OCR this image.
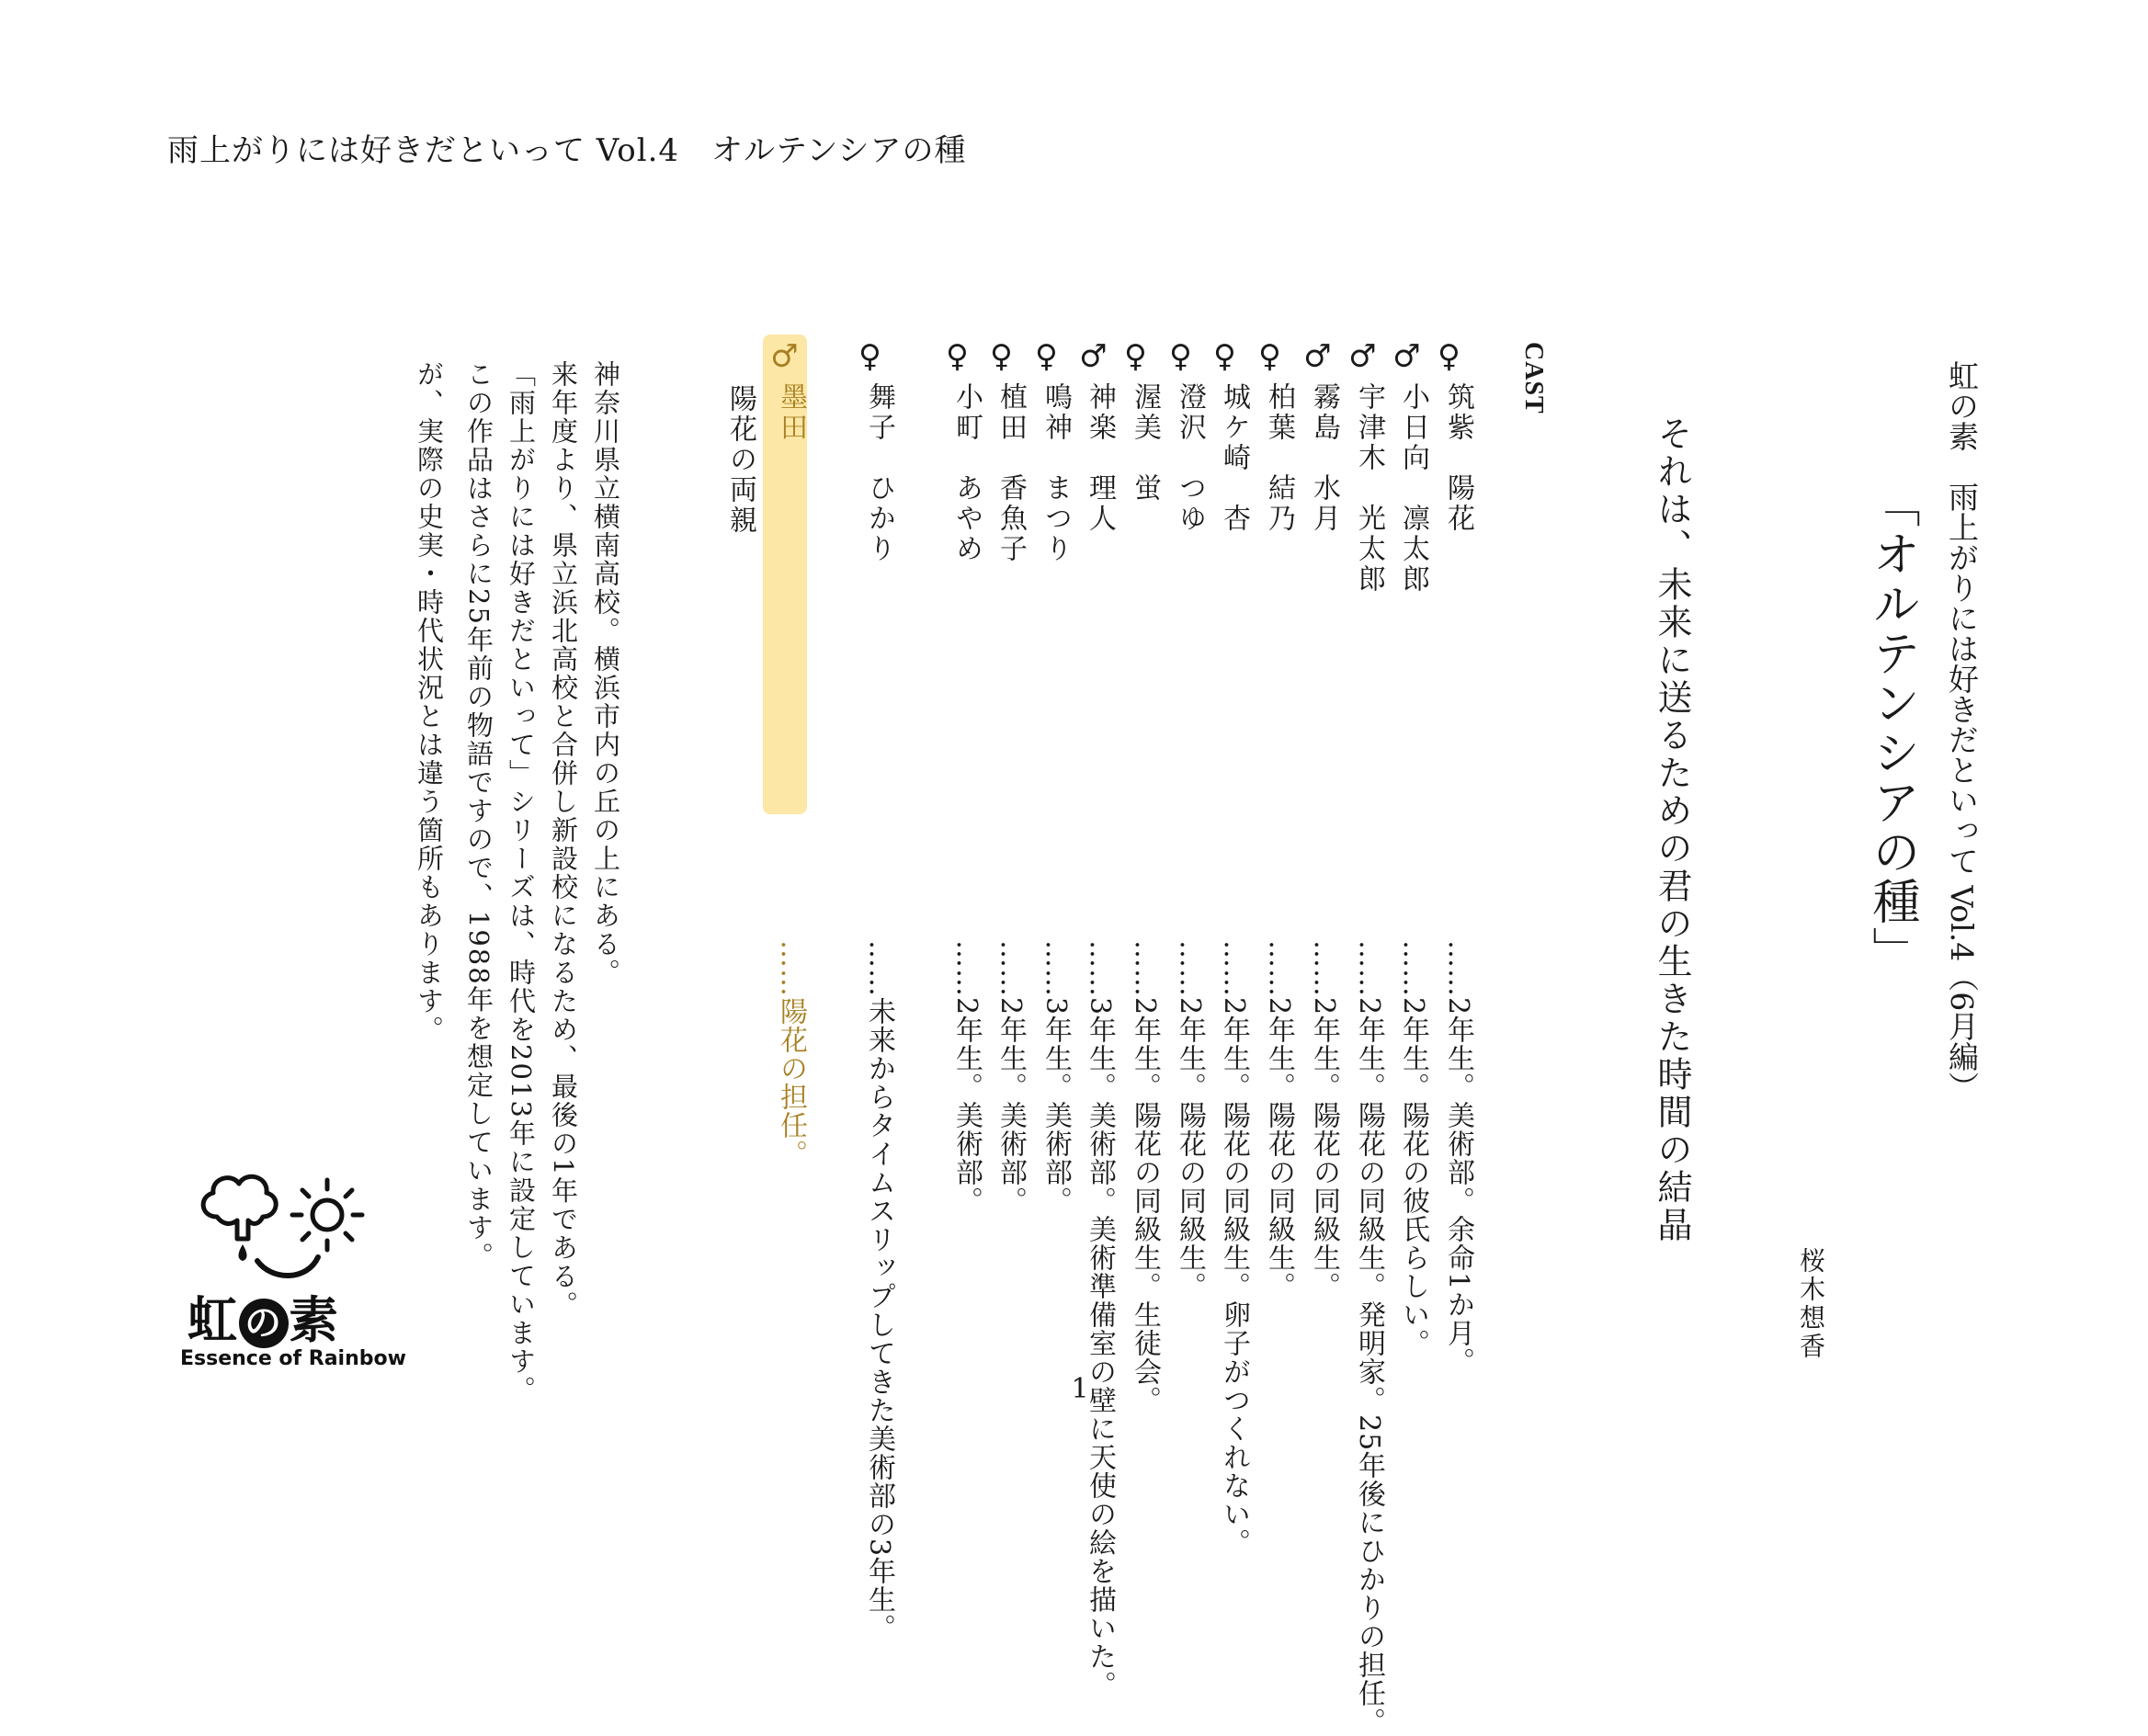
雨上がりには好きだといって Vol.4　オルテンシアの種
虹の素　雨上がりには好きだといって Vol.4（6月編）
「オルテンシアの種」
それは、未来に送るための君の生きた時間の結晶
桜木想香
CAST
♀
筑紫　陽花
……2年生。美術部。余命1か月。
♂
小日向　凛太郎
……2年生。陽花の彼氏らしい。
♂
宇津木　光太郎
……2年生。陽花の同級生。発明家。25年後にひかりの担任。
♂
霧島　水月
……2年生。陽花の同級生。
♀
柏葉　結乃
……2年生。陽花の同級生。
♀
城ケ崎　杏
……2年生。陽花の同級生。卵子がつくれない。
♀
澄沢　つゆ
……2年生。陽花の同級生。
♀
渥美　蛍
……2年生。陽花の同級生。生徒会。
♂
神楽　理人
……3年生。美術部。美術準備室の壁に天使の絵を描いた。
♀
鳴神　まつり
……3年生。美術部。
♀
植田　香魚子
……2年生。美術部。
♀
小町　あやめ
……2年生。美術部。
♀
舞子　ひかり
……未来からタイムスリップしてきた美術部の3年生。
♂
墨田
……陽花の担任。
陽花の両親
神奈川県立横南高校。横浜市内の丘の上にある。
来年度より、県立浜北高校と合併し新設校になるため、最後の1年である。
「雨上がりには好きだといって」シリーズは、時代を2013年に設定しています。
この作品はさらに25年前の物語ですので、1988年を想定しています。
が、実際の史実・時代状況とは違う箇所もあります。
虹 の 素
Essence of Rainbow
1
